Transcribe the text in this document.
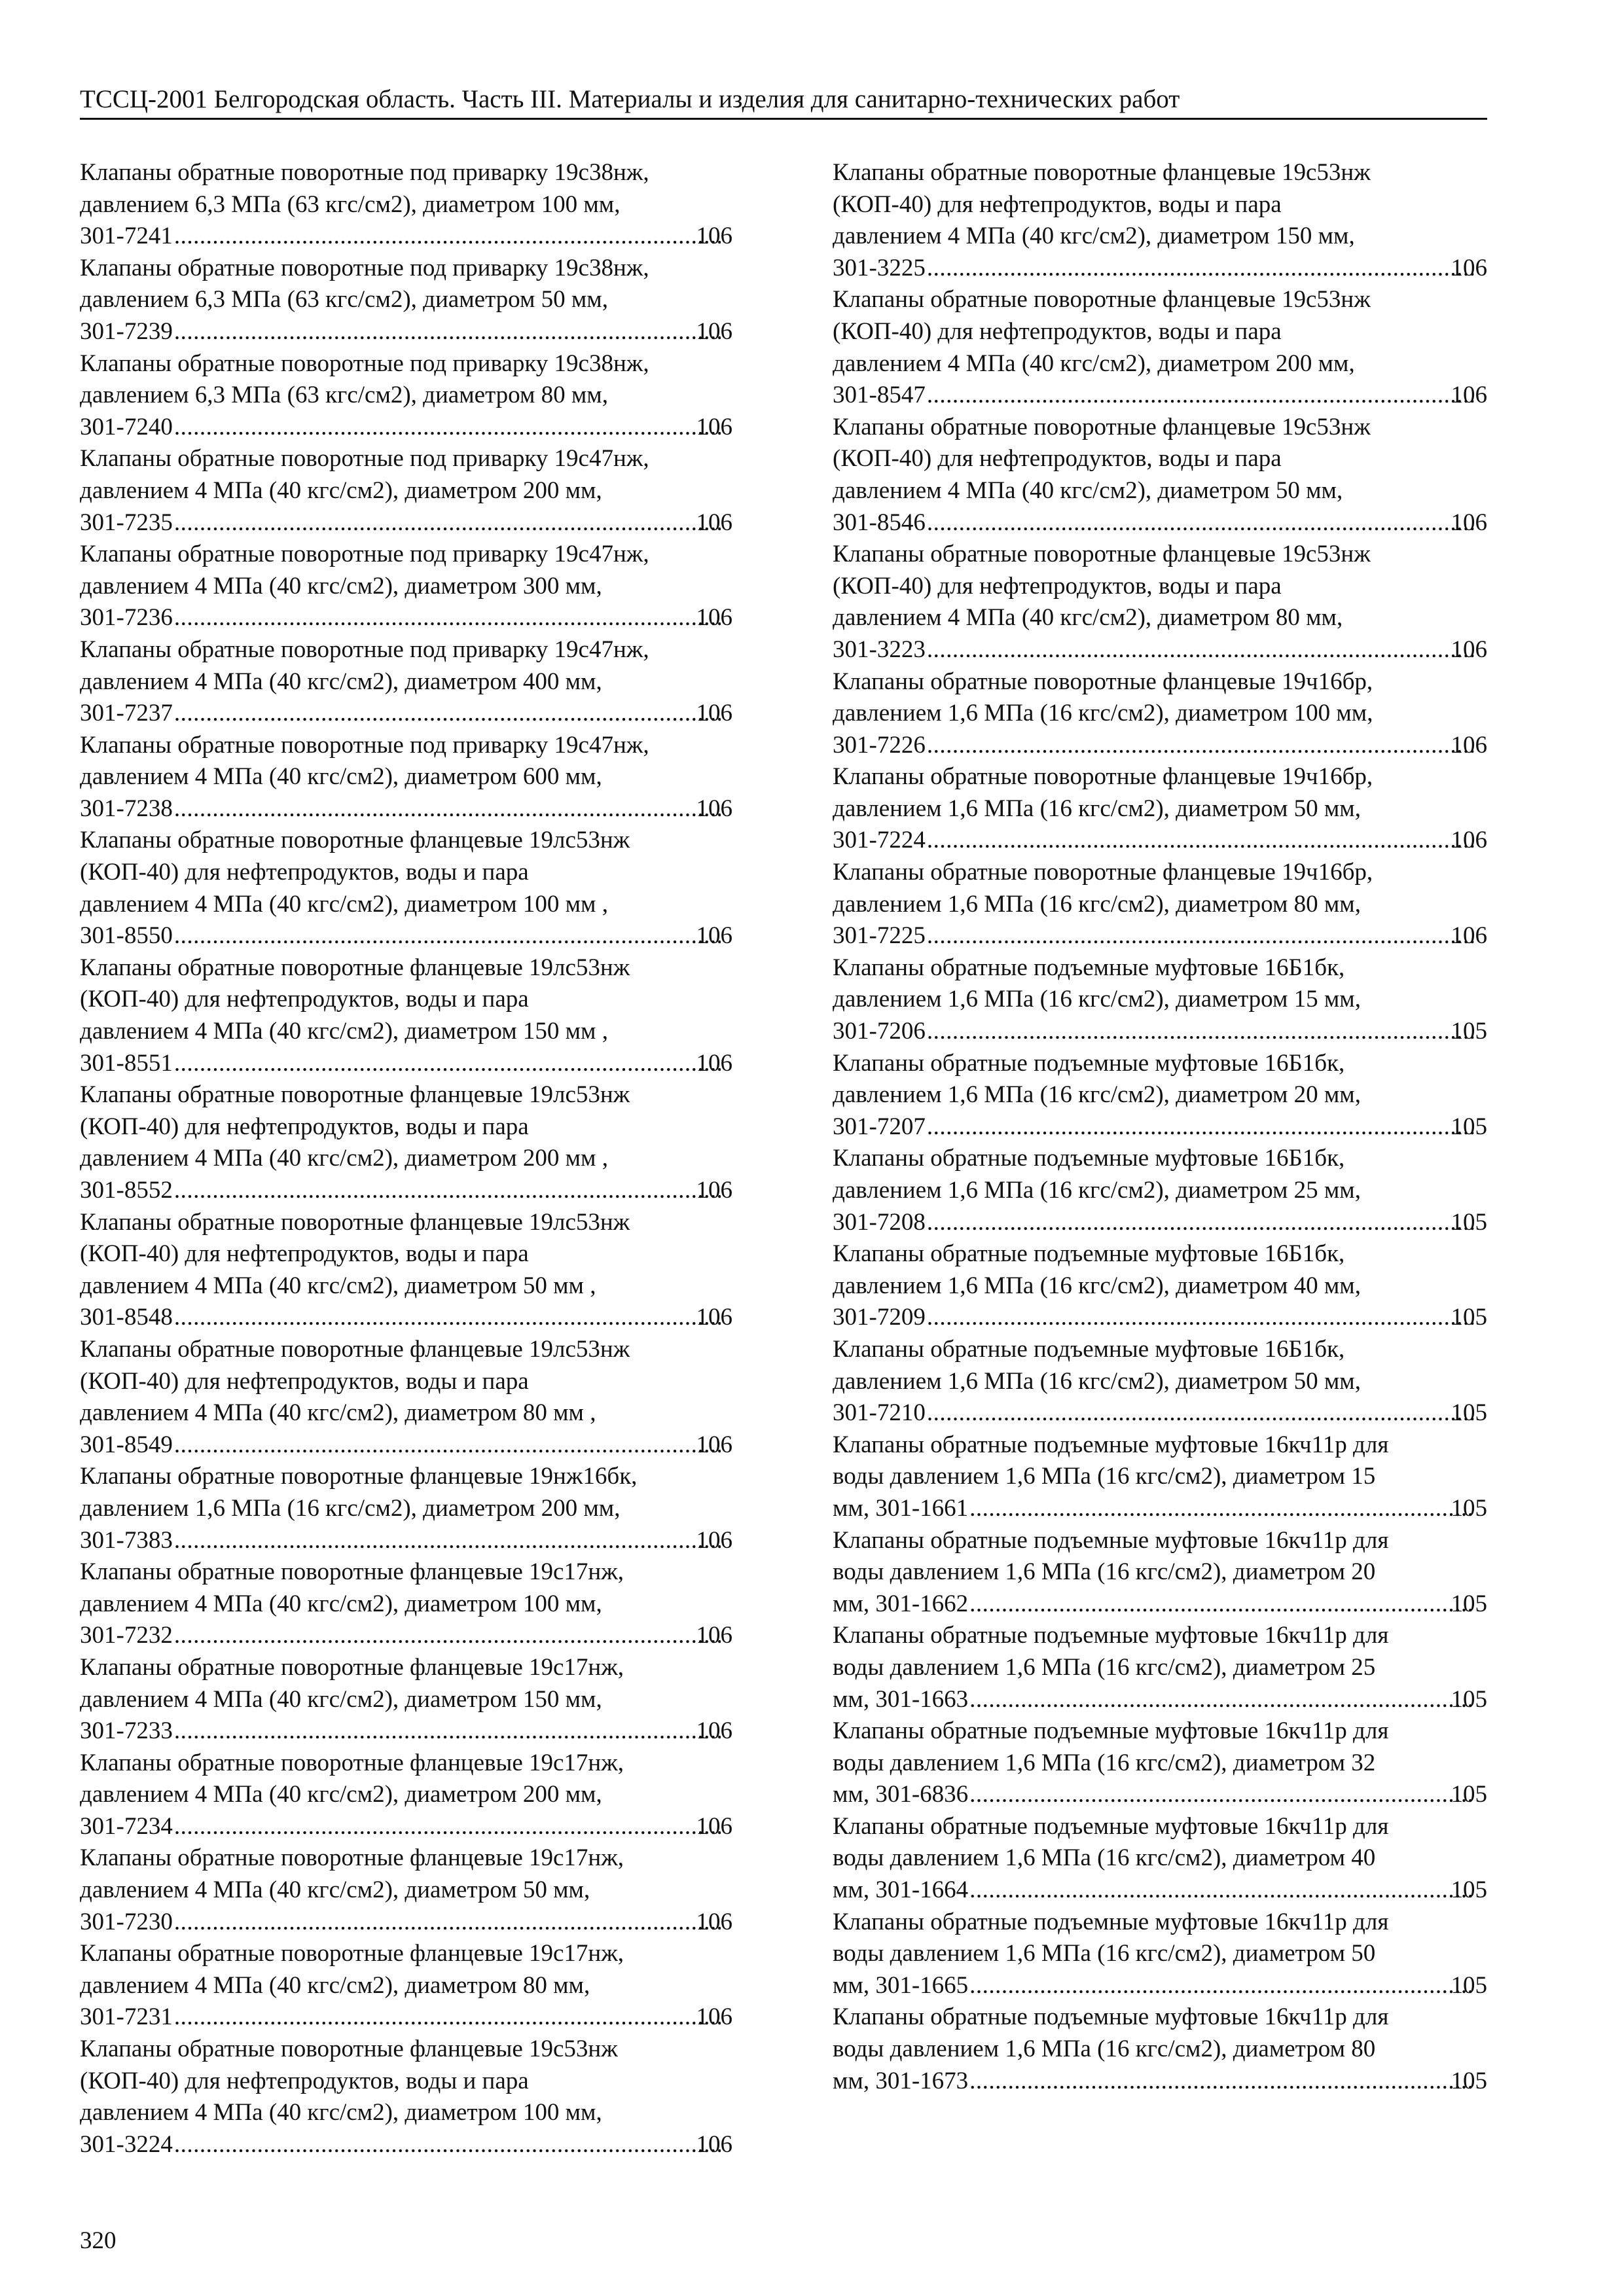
ТССЦ-2001 Белгородская область. Часть III. Материалы и изделия для санитарно-технических работ
Клапаны обратные поворотные под приварку 19с38нж,
давлением 6,3 МПа (63 кгс/см2), диаметром 100 мм,
301-7241 .....	106
Клапаны обратные поворотные под приварку 19с38нж,
давлением 6,3 МПа (63 кгс/см2), диаметром 50 мм,
301-7239 .....	106
Клапаны обратные поворотные под приварку 19с38нж,
давлением 6,3 МПа (63 кгс/см2), диаметром 80 мм,
301-7240 .....	106
Клапаны обратные поворотные под приварку 19с47нж,
давлением 4 МПа (40 кгс/см2), диаметром 200 мм,
301-7235 .....	106
Клапаны обратные поворотные под приварку 19с47нж,
давлением 4 МПа (40 кгс/см2), диаметром 300 мм,
301-7236 .....	106
Клапаны обратные поворотные под приварку 19с47нж,
давлением 4 МПа (40 кгс/см2), диаметром 400 мм,
301-7237 .....	106
Клапаны обратные поворотные под приварку 19с47нж,
давлением 4 МПа (40 кгс/см2), диаметром 600 мм,
301-7238 .....	106
Клапаны обратные поворотные фланцевые 19лс53нж
(КОП-40) для нефтепродуктов, воды и пара
давлением 4 МПа (40 кгс/см2), диаметром 100 мм ,
301-8550 .....	106
Клапаны обратные поворотные фланцевые 19лс53нж
(КОП-40) для нефтепродуктов, воды и пара
давлением 4 МПа (40 кгс/см2), диаметром 150 мм ,
301-8551 .....	106
Клапаны обратные поворотные фланцевые 19лс53нж
(КОП-40) для нефтепродуктов, воды и пара
давлением 4 МПа (40 кгс/см2), диаметром 200 мм ,
301-8552 .....	106
Клапаны обратные поворотные фланцевые 19лс53нж
(КОП-40) для нефтепродуктов, воды и пара
давлением 4 МПа (40 кгс/см2), диаметром 50 мм ,
301-8548 .....	106
Клапаны обратные поворотные фланцевые 19лс53нж
(КОП-40) для нефтепродуктов, воды и пара
давлением 4 МПа (40 кгс/см2), диаметром 80 мм ,
301-8549 .....	106
Клапаны обратные поворотные фланцевые 19нж16бк,
давлением 1,6 МПа (16 кгс/см2), диаметром 200 мм,
301-7383 .....	106
Клапаны обратные поворотные фланцевые 19с17нж,
давлением 4 МПа (40 кгс/см2), диаметром 100 мм,
301-7232 .....	106
Клапаны обратные поворотные фланцевые 19с17нж,
давлением 4 МПа (40 кгс/см2), диаметром 150 мм,
301-7233 .....	106
Клапаны обратные поворотные фланцевые 19с17нж,
давлением 4 МПа (40 кгс/см2), диаметром 200 мм,
301-7234 .....	106
Клапаны обратные поворотные фланцевые 19с17нж,
давлением 4 МПа (40 кгс/см2), диаметром 50 мм,
301-7230 .....	106
Клапаны обратные поворотные фланцевые 19с17нж,
давлением 4 МПа (40 кгс/см2), диаметром 80 мм,
301-7231 .....	106
Клапаны обратные поворотные фланцевые 19с53нж
(КОП-40) для нефтепродуктов, воды и пара
давлением 4 МПа (40 кгс/см2), диаметром 100 мм,
301-3224 .....	106
Клапаны обратные поворотные фланцевые 19с53нж
(КОП-40) для нефтепродуктов, воды и пара
давлением 4 МПа (40 кгс/см2), диаметром 150 мм,
301-3225 .....	106
Клапаны обратные поворотные фланцевые 19с53нж
(КОП-40) для нефтепродуктов, воды и пара
давлением 4 МПа (40 кгс/см2), диаметром 200 мм,
301-8547 .....	106
Клапаны обратные поворотные фланцевые 19с53нж
(КОП-40) для нефтепродуктов, воды и пара
давлением 4 МПа (40 кгс/см2), диаметром 50 мм,
301-8546 .....	106
Клапаны обратные поворотные фланцевые 19с53нж
(КОП-40) для нефтепродуктов, воды и пара
давлением 4 МПа (40 кгс/см2), диаметром 80 мм,
301-3223 .....	106
Клапаны обратные поворотные фланцевые 19ч16бр,
давлением 1,6 МПа (16 кгс/см2), диаметром 100 мм,
301-7226 .....	106
Клапаны обратные поворотные фланцевые 19ч16бр,
давлением 1,6 МПа (16 кгс/см2), диаметром 50 мм,
301-7224 .....	106
Клапаны обратные поворотные фланцевые 19ч16бр,
давлением 1,6 МПа (16 кгс/см2), диаметром 80 мм,
301-7225 .....	106
Клапаны обратные подъемные муфтовые 16Б1бк,
давлением 1,6 МПа (16 кгс/см2), диаметром 15 мм,
301-7206 .....	105
Клапаны обратные подъемные муфтовые 16Б1бк,
давлением 1,6 МПа (16 кгс/см2), диаметром 20 мм,
301-7207 .....	105
Клапаны обратные подъемные муфтовые 16Б1бк,
давлением 1,6 МПа (16 кгс/см2), диаметром 25 мм,
301-7208 .....	105
Клапаны обратные подъемные муфтовые 16Б1бк,
давлением 1,6 МПа (16 кгс/см2), диаметром 40 мм,
301-7209 .....	105
Клапаны обратные подъемные муфтовые 16Б1бк,
давлением 1,6 МПа (16 кгс/см2), диаметром 50 мм,
301-7210 .....	105
Клапаны обратные подъемные муфтовые 16кч11р для
воды давлением 1,6 МПа (16 кгс/см2), диаметром 15
мм, 301-1661 .....	105
Клапаны обратные подъемные муфтовые 16кч11р для
воды давлением 1,6 МПа (16 кгс/см2), диаметром 20
мм, 301-1662 .....	105
Клапаны обратные подъемные муфтовые 16кч11р для
воды давлением 1,6 МПа (16 кгс/см2), диаметром 25
мм, 301-1663 .....	105
Клапаны обратные подъемные муфтовые 16кч11р для
воды давлением 1,6 МПа (16 кгс/см2), диаметром 32
мм, 301-6836 .....	105
Клапаны обратные подъемные муфтовые 16кч11р для
воды давлением 1,6 МПа (16 кгс/см2), диаметром 40
мм, 301-1664 .....	105
Клапаны обратные подъемные муфтовые 16кч11р для
воды давлением 1,6 МПа (16 кгс/см2), диаметром 50
мм, 301-1665 .....	105
Клапаны обратные подъемные муфтовые 16кч11р для
воды давлением 1,6 МПа (16 кгс/см2), диаметром 80
мм, 301-1673 .....	105
320
